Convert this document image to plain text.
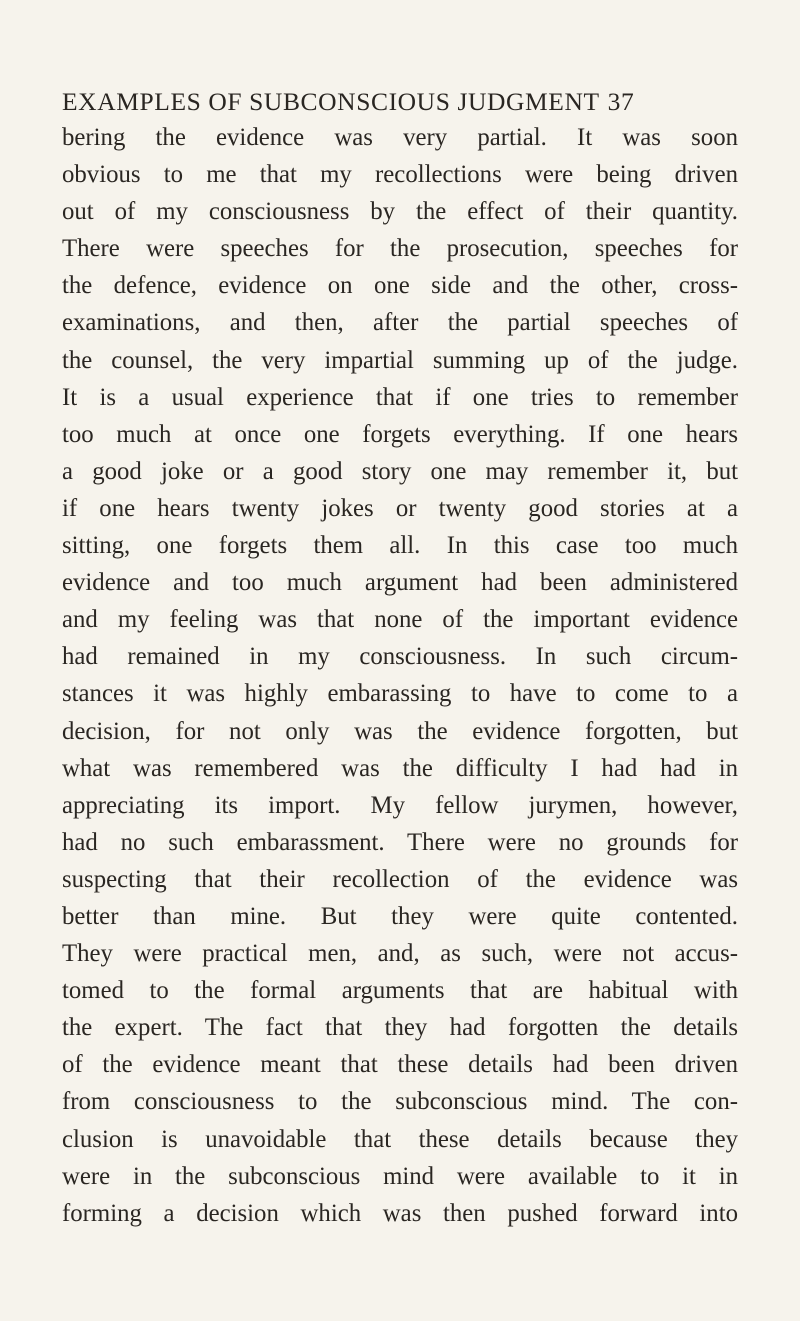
EXAMPLES OF SUBCONSCIOUS JUDGMENT 37
bering the evidence was very partial. It was soon
obvious to me that my recollections were being driven
out of my consciousness by the effect of their quantity.
There were speeches for the prosecution, speeches for
the defence, evidence on one side and the other, cross-
examinations, and then, after the partial speeches of
the counsel, the very impartial summing up of the judge.
It is a usual experience that if one tries to remember
too much at once one forgets everything. If one hears
a good joke or a good story one may remember it, but
if one hears twenty jokes or twenty good stories at a
sitting, one forgets them all. In this case too much
evidence and too much argument had been administered
and my feeling was that none of the important evidence
had remained in my consciousness. In such circum-
stances it was highly embarassing to have to come to a
decision, for not only was the evidence forgotten, but
what was remembered was the difficulty I had had in
appreciating its import. My fellow jurymen, however,
had no such embarassment. There were no grounds for
suspecting that their recollection of the evidence was
better than mine. But they were quite contented.
They were practical men, and, as such, were not accus-
tomed to the formal arguments that are habitual with
the expert. The fact that they had forgotten the details
of the evidence meant that these details had been driven
from consciousness to the subconscious mind. The con-
clusion is unavoidable that these details because they
were in the subconscious mind were available to it in
forming a decision which was then pushed forward into
